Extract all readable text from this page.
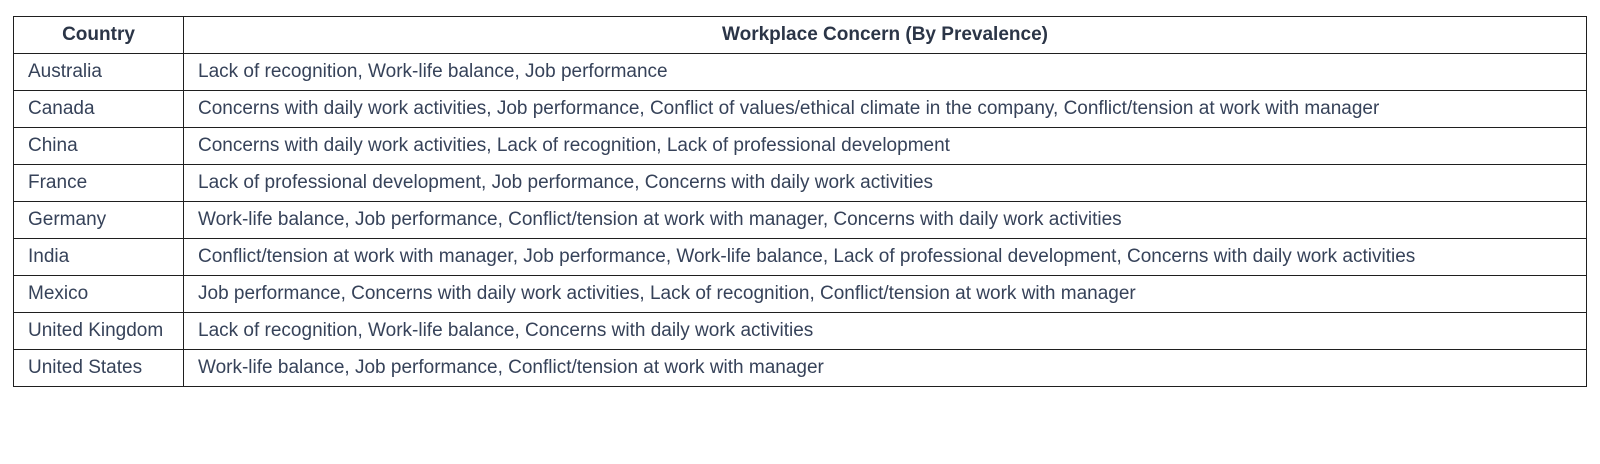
Country	Workplace Concern (By Prevalence)
Australia	Lack of recognition, Work-life balance, Job performance
Canada	Concerns with daily work activities, Job performance, Conflict of values/ethical climate in the company, Conflict/tension at work with manager
China	Concerns with daily work activities, Lack of recognition, Lack of professional development
France	Lack of professional development, Job performance, Concerns with daily work activities
Germany	Work-life balance, Job performance, Conflict/tension at work with manager, Concerns with daily work activities
India	Conflict/tension at work with manager, Job performance, Work-life balance, Lack of professional development, Concerns with daily work activities
Mexico	Job performance, Concerns with daily work activities, Lack of recognition, Conflict/tension at work with manager
United Kingdom	Lack of recognition, Work-life balance, Concerns with daily work activities
United States	Work-life balance, Job performance, Conflict/tension at work with manager
